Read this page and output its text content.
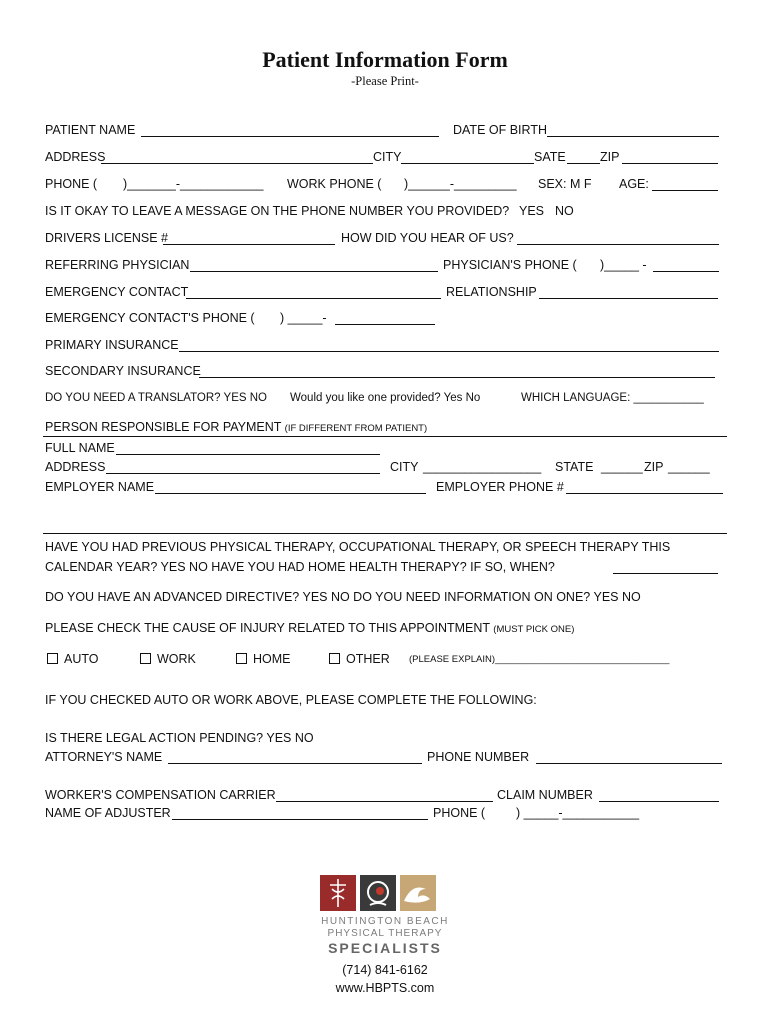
Patient Information Form
-Please Print-
PATIENT NAME	DATE OF BIRTH
ADDRESS	CITY	SATE	ZIP
PHONE ( )_______-____________ WORK PHONE ( )______-_________ SEX: M F AGE:
IS IT OKAY TO LEAVE A MESSAGE ON THE PHONE NUMBER YOU PROVIDED? YES NO
DRIVERS LICENSE #	HOW DID YOU HEAR OF US?
REFERRING PHYSICIAN	PHYSICIAN'S PHONE ( )_____ -
EMERGENCY CONTACT	RELATIONSHIP
EMERGENCY CONTACT'S PHONE ( ) _____-
PRIMARY INSURANCE
SECONDARY INSURANCE
DO YOU NEED A TRANSLATOR? YES NO Would you like one provided? Yes No	WHICH LANGUAGE: ___________
PERSON RESPONSIBLE FOR PAYMENT (IF DIFFERENT FROM PATIENT)
FULL NAME
ADDRESS	CITY _________________ STATE ______ ZIP ______
EMPLOYER NAME	EMPLOYER PHONE #
HAVE YOU HAD PREVIOUS PHYSICAL THERAPY, OCCUPATIONAL THERAPY, OR SPEECH THERAPY THIS
CALENDAR YEAR? YES NO HAVE YOU HAD HOME HEALTH THERAPY? IF SO, WHEN?
DO YOU HAVE AN ADVANCED DIRECTIVE? YES NO DO YOU NEED INFORMATION ON ONE? YES NO
PLEASE CHECK THE CAUSE OF INJURY RELATED TO THIS APPOINTMENT (MUST PICK ONE)
AUTO	WORK	HOME	OTHER (PLEASE EXPLAIN)_________________________________
IF YOU CHECKED AUTO OR WORK ABOVE, PLEASE COMPLETE THE FOLLOWING:
IS THERE LEGAL ACTION PENDING? YES NO
ATTORNEY'S NAME	PHONE NUMBER
WORKER'S COMPENSATION CARRIER	CLAIM NUMBER
NAME OF ADJUSTER	PHONE ( ) _____-___________
HUNTINGTON BEACH
PHYSICAL THERAPY
SPECIALISTS
(714) 841-6162
www.HBPTS.com
